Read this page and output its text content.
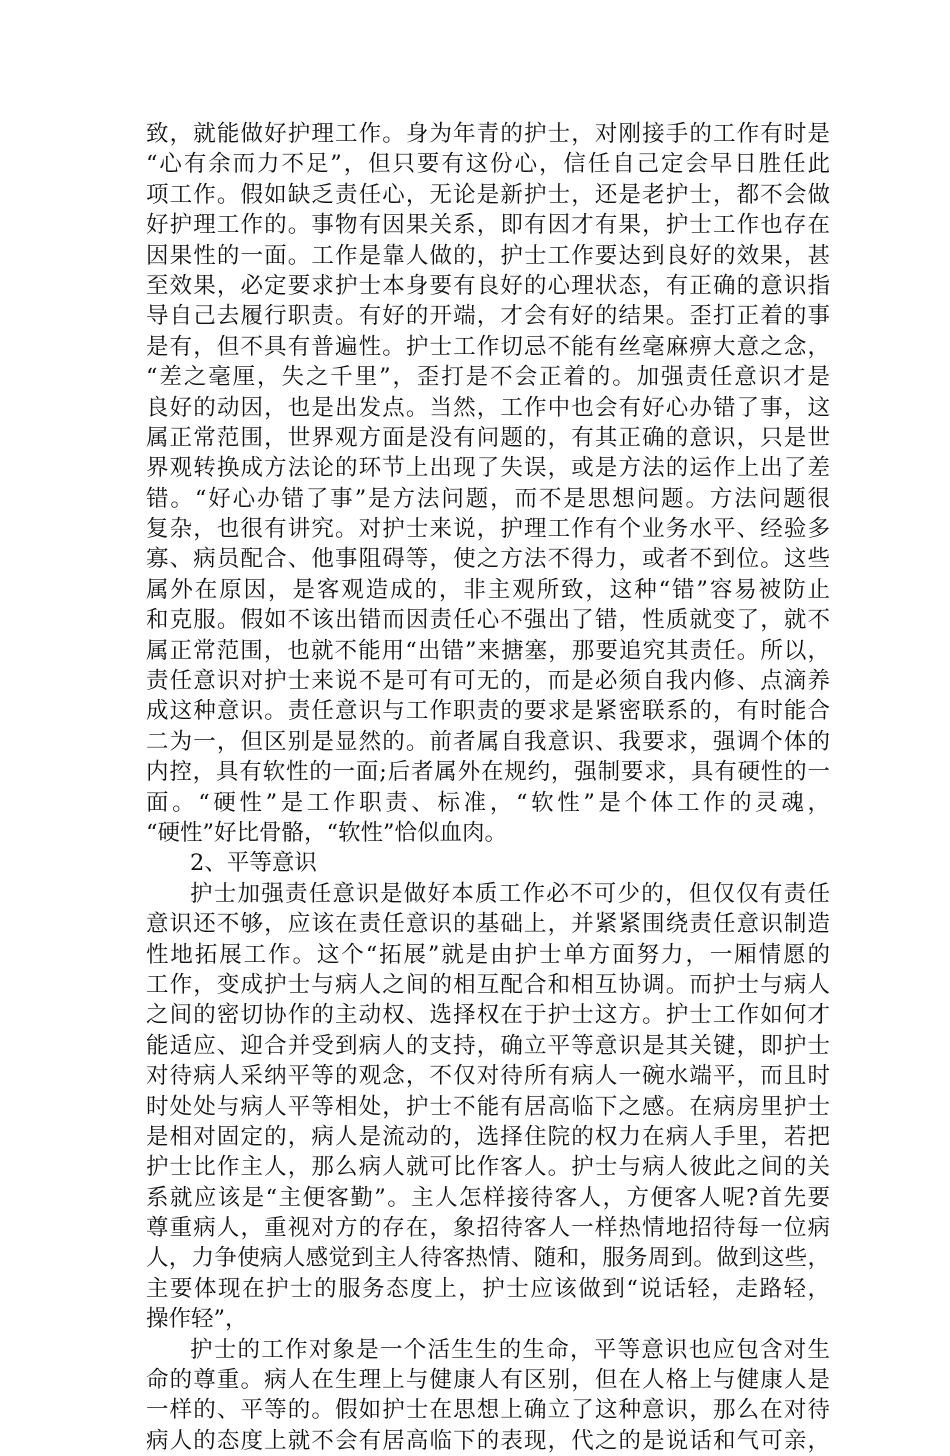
致，就能做好护理工作。身为年青的护士，对刚接手的工作有时是
“心有余而力不足”，但只要有这份心，信任自己定会早日胜任此
项工作。假如缺乏责任心，无论是新护士，还是老护士，都不会做
好护理工作的。事物有因果关系，即有因才有果，护士工作也存在
因果性的一面。工作是靠人做的，护士工作要达到良好的效果，甚
至效果，必定要求护士本身要有良好的心理状态，有正确的意识指
导自己去履行职责。有好的开端，才会有好的结果。歪打正着的事
是有，但不具有普遍性。护士工作切忌不能有丝毫麻痹大意之念，
“差之毫厘，失之千里”，歪打是不会正着的。加强责任意识才是
良好的动因，也是出发点。当然，工作中也会有好心办错了事，这
属正常范围，世界观方面是没有问题的，有其正确的意识，只是世
界观转换成方法论的环节上出现了失误，或是方法的运作上出了差
错。“好心办错了事”是方法问题，而不是思想问题。方法问题很
复杂，也很有讲究。对护士来说，护理工作有个业务水平、经验多
寡、病员配合、他事阻碍等，使之方法不得力，或者不到位。这些
属外在原因，是客观造成的，非主观所致，这种“错”容易被防止
和克服。假如不该出错而因责任心不强出了错，性质就变了，就不
属正常范围，也就不能用“出错”来搪塞，那要追究其责任。所以，
责任意识对护士来说不是可有可无的，而是必须自我内修、点滴养
成这种意识。责任意识与工作职责的要求是紧密联系的，有时能合
二为一，但区别是显然的。前者属自我意识、我要求，强调个体的
内控，具有软性的一面;后者属外在规约，强制要求，具有硬性的一
面。“硬性”是工作职责、标准，“软性”是个体工作的灵魂，
“硬性”好比骨骼，“软性”恰似血肉。
2、平等意识
护士加强责任意识是做好本质工作必不可少的，但仅仅有责任
意识还不够，应该在责任意识的基础上，并紧紧围绕责任意识制造
性地拓展工作。这个“拓展”就是由护士单方面努力，一厢情愿的
工作，变成护士与病人之间的相互配合和相互协调。而护士与病人
之间的密切协作的主动权、选择权在于护士这方。护士工作如何才
能适应、迎合并受到病人的支持，确立平等意识是其关键，即护士
对待病人采纳平等的观念，不仅对待所有病人一碗水端平，而且时
时处处与病人平等相处，护士不能有居高临下之感。在病房里护士
是相对固定的，病人是流动的，选择住院的权力在病人手里，若把
护士比作主人，那么病人就可比作客人。护士与病人彼此之间的关
系就应该是“主便客勤”。主人怎样接待客人，方便客人呢?首先要
尊重病人，重视对方的存在，象招待客人一样热情地招待每一位病
人，力争使病人感觉到主人待客热情、随和，服务周到。做到这些，
主要体现在护士的服务态度上，护士应该做到“说话轻，走路轻，
操作轻”，
护士的工作对象是一个活生生的生命，平等意识也应包含对生
命的尊重。病人在生理上与健康人有区别，但在人格上与健康人是
一样的、平等的。假如护士在思想上确立了这种意识，那么在对待
病人的态度上就不会有居高临下的表现，代之的是说话和气可亲，
